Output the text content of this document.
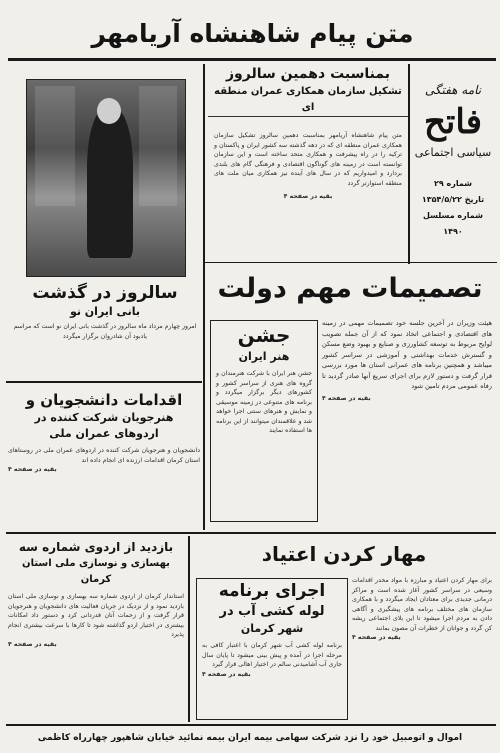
متن پیام شاهنشاه آریامهر
سالروز در گذشت
بانی ایران نو
امروز چهارم مرداد ماه سالروز در گذشت بانی ایران نو است که مراسم یادبود آن شادروان برگزار میگردد
اقدامات دانشجویان و
هنرجویان شرکت کننده در
اردوهای عمران ملی
دانشجویان و هنرجویان شرکت کننده در اردوهای عمران ملی در روستاهای استان کرمان اقدامات ارزنده ای انجام داده اند
بقیه در صفحه ۴
بمناسبت دهمین سالروز
تشکیل سازمان همکاری عمران منطقه ای
متن پیام شاهنشاه آریامهر بمناسبت دهمین سالروز تشکیل سازمان همکاری عمران منطقه ای که در دهه گذشته سه کشور ایران و پاکستان و ترکیه را در راه پیشرفت و همکاری متحد ساخته است و این سازمان توانسته است در زمینه های گوناگون اقتصادی و فرهنگی گام های بلندی بردارد و امیدواریم که در سال های آینده نیز همکاری میان ملت های منطقه استوارتر گردد
بقیه در صفحه ۴
نامه هفتگی
فاتح
سیاسی اجتماعی
شماره ۲۹
تاریخ ۱۳۵۴/۵/۲۲
شماره مسلسل ۱۴۹۰
تصمیمات مهم دولت
جشن
هنر ایران
جشن هنر ایران با شرکت هنرمندان و گروه های هنری از سراسر کشور و کشورهای دیگر برگزار میگردد و برنامه های متنوعی در زمینه موسیقی و نمایش و هنرهای سنتی اجرا خواهد شد و علاقمندان میتوانند از این برنامه ها استفاده نمایند
هیئت وزیران در آخرین جلسه خود تصمیمات مهمی در زمینه های اقتصادی و اجتماعی اتخاذ نمود که از آن جمله تصویب لوایح مربوط به توسعه کشاورزی و صنایع و بهبود وضع مسکن و گسترش خدمات بهداشتی و آموزشی در سراسر کشور میباشد و همچنین برنامه های عمرانی استان ها مورد بررسی قرار گرفت و دستور لازم برای اجرای سریع آنها صادر گردید تا رفاه عمومی مردم تامین شود
بقیه در صفحه ۴
بازدید از اردوی شماره سه
بهسازی و نوسازی ملی استان کرمان
استاندار کرمان از اردوی شماره سه بهسازی و نوسازی ملی استان بازدید نمود و از نزدیک در جریان فعالیت های دانشجویان و هنرجویان قرار گرفت و از زحمات آنان قدردانی کرد و دستور داد امکانات بیشتری در اختیار اردو گذاشته شود تا کارها با سرعت بیشتری انجام پذیرد
بقیه در صفحه ۴
مهار کردن اعتیاد
اجرای برنامه
لوله کشی آب در
شهر کرمان
برنامه لوله کشی آب شهر کرمان با اعتبار کافی به مرحله اجرا در آمده و پیش بینی میشود تا پایان سال جاری آب آشامیدنی سالم در اختیار اهالی قرار گیرد
بقیه در صفحه ۴
برای مهار کردن اعتیاد و مبارزه با مواد مخدر اقدامات وسیعی در سراسر کشور آغاز شده است و مراکز درمانی جدیدی برای معتادان ایجاد میگردد و با همکاری سازمان های مختلف برنامه های پیشگیری و آگاهی دادن به مردم اجرا میشود تا این بلای اجتماعی ریشه کن گردد و جوانان از خطرات آن مصون بمانند
بقیه در صفحه ۴
اموال و اتومبیل خود را نزد شرکت سهامی بیمه ایران بیمه نمائید خیابان شاهپور چهارراه کاظمی
